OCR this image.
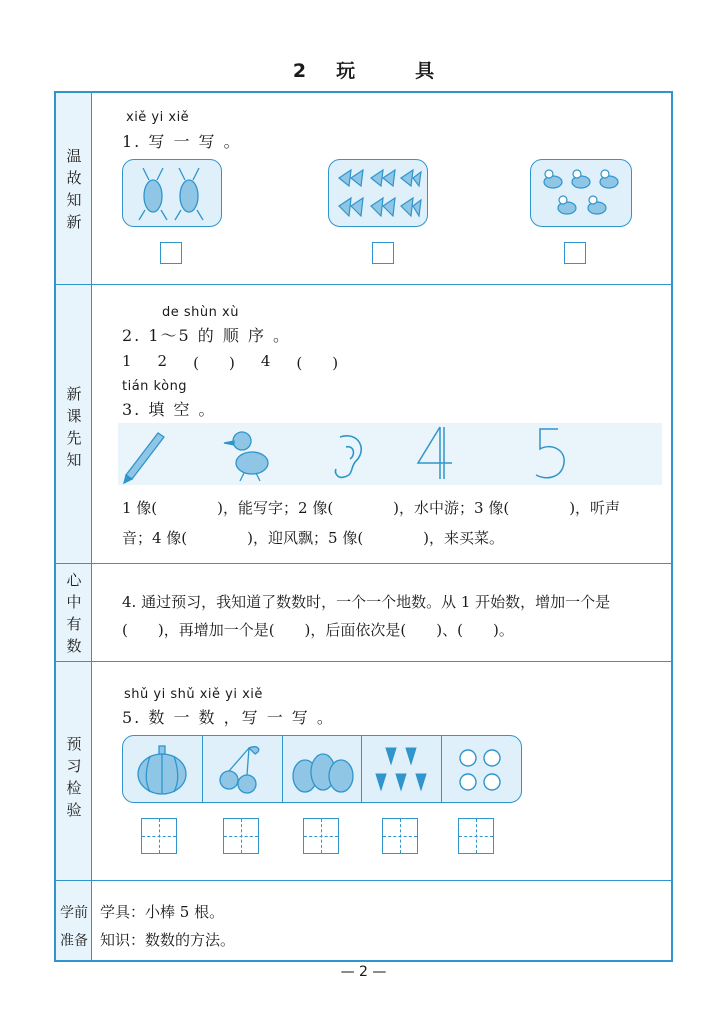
2 玩	具
温
故
知
新
新
课
先
知
心
中
有
数
预
习
检
验
学前
准备
xiě yi xiě
1. 写 一 写 。
de shùn xù
2. 1～5 的 顺 序 。
1 2 (　　) 4 (　　)
tián kòng
3. 填 空 。
1 像(　　　　)，能写字；2 像(　　　　)，水中游；3 像(　　　　)，听声
音；4 像(　　　　)，迎风飘；5 像(　　　　)，来买菜。
4. 通过预习，我知道了数数时，一个一个地数。从 1 开始数，增加一个是
(　　)，再增加一个是(　　)，后面依次是(　　)、(　　)。
shǔ yi shǔ xiě yi xiě
5. 数 一 数 ，写 一 写 。
学具：小棒 5 根。
知识：数数的方法。
— 2 —
